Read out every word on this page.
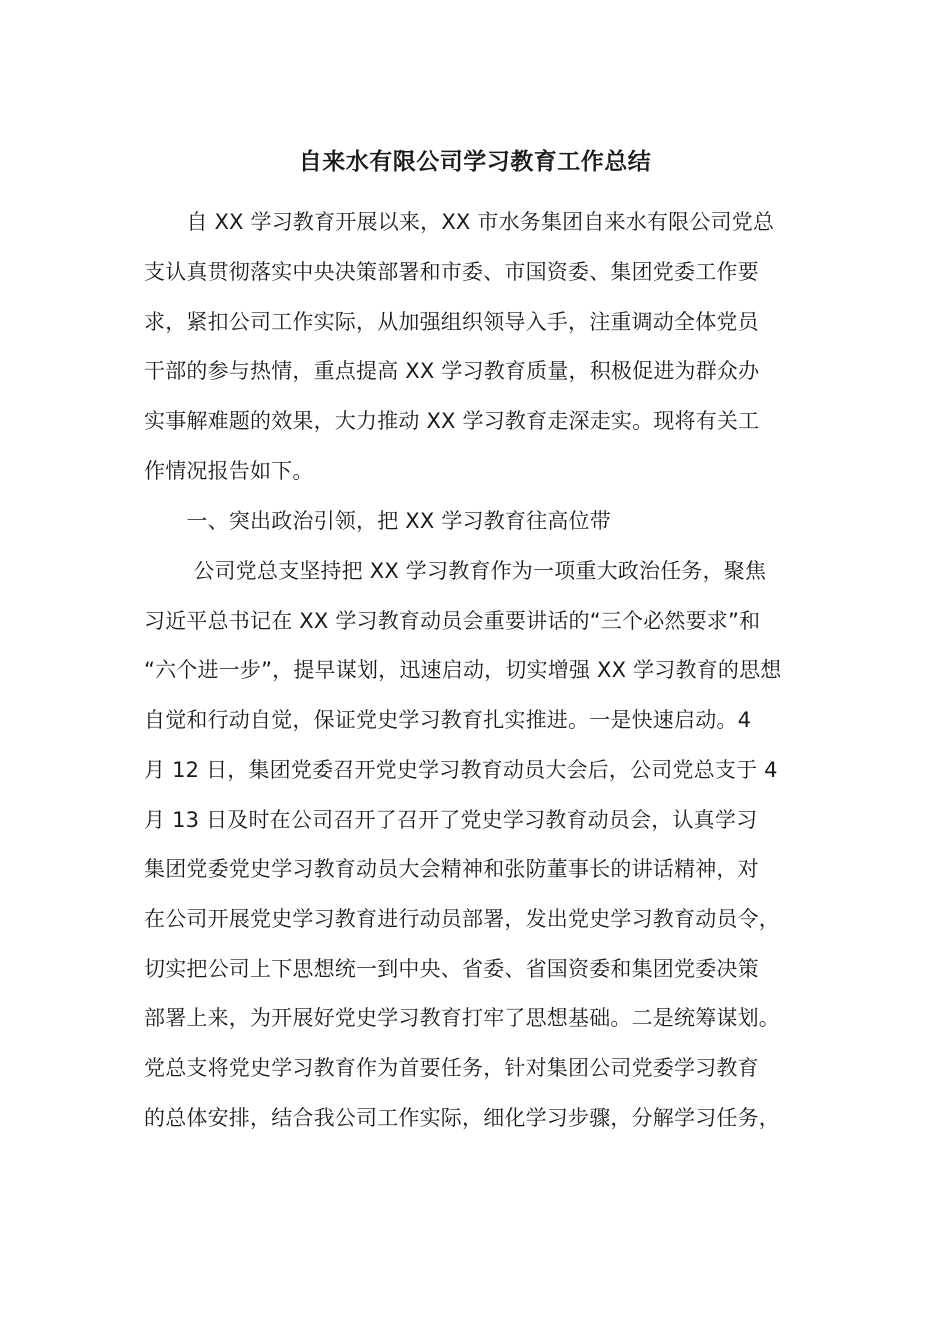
自来水有限公司学习教育工作总结
　　自 XX 学习教育开展以来，XX 市水务集团自来水有限公司党总
支认真贯彻落实中央决策部署和市委、市国资委、集团党委工作要
求，紧扣公司工作实际，从加强组织领导入手，注重调动全体党员
干部的参与热情，重点提高 XX 学习教育质量，积极促进为群众办
实事解难题的效果，大力推动 XX 学习教育走深走实。现将有关工
作情况报告如下。
　　一、突出政治引领，把 XX 学习教育往高位带
　　 公司党总支坚持把 XX 学习教育作为一项重大政治任务，聚焦
习近平总书记在 XX 学习教育动员会重要讲话的“三个必然要求”和
“六个进一步”，提早谋划，迅速启动，切实增强 XX 学习教育的思想
自觉和行动自觉，保证党史学习教育扎实推进。一是快速启动。4
月 12 日，集团党委召开党史学习教育动员大会后，公司党总支于 4
月 13 日及时在公司召开了召开了党史学习教育动员会，认真学习
集团党委党史学习教育动员大会精神和张防董事长的讲话精神，对
在公司开展党史学习教育进行动员部署，发出党史学习教育动员令，
切实把公司上下思想统一到中央、省委、省国资委和集团党委决策
部署上来，为开展好党史学习教育打牢了思想基础。二是统筹谋划。
党总支将党史学习教育作为首要任务，针对集团公司党委学习教育
的总体安排，结合我公司工作实际，细化学习步骤，分解学习任务，
